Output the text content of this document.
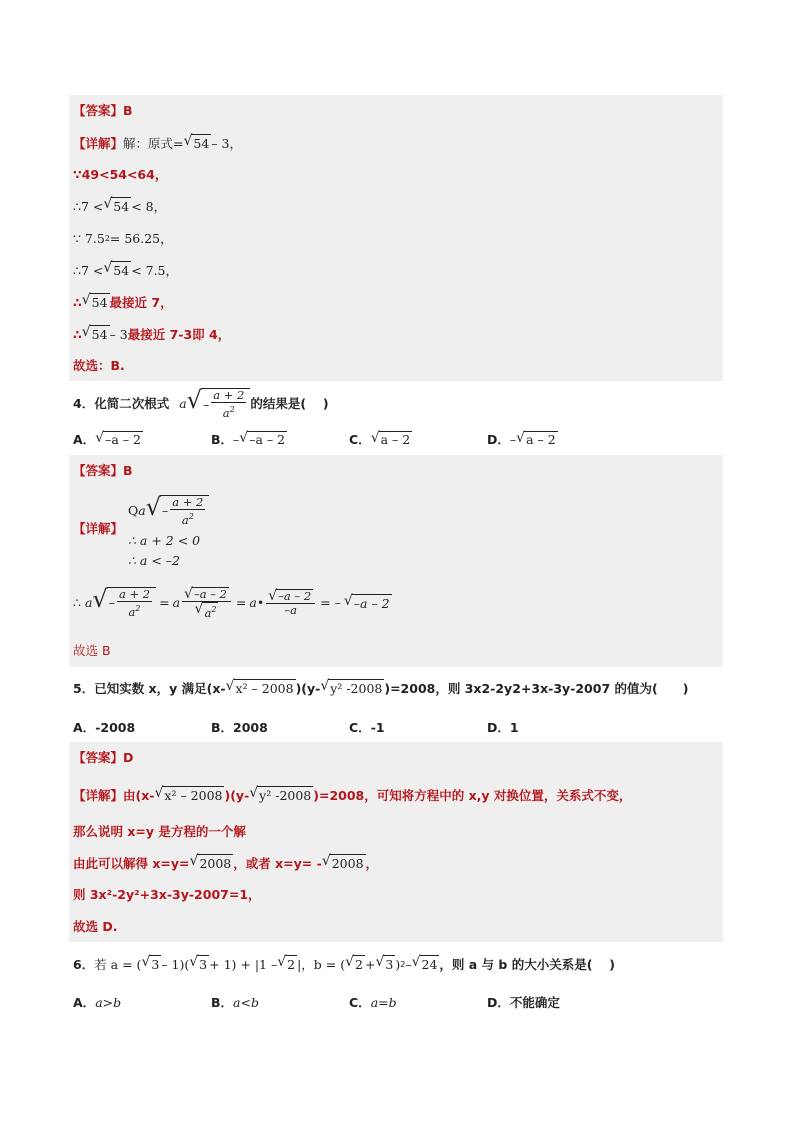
【答案】 B
【详解】 解：原式= √ 54 – 3，
∵49<54<64，
∴7 < √ 54 < 8，
∵ 7.5 2 = 56.25，
∴7 < √ 54 < 7.5，
∴ √ 54 最接近 7，
∴ √ 54 – 3 最接近 7-3即 4，
故选：B.
4． 化简二次根式 a √ – $\frac{a + 2}{a^2}$ 的结果是(　 )
A． √ –a – 2	B． – √ –a – 2	C． √ a – 2	D． – √ a – 2
【答案】 B
【详解】
Q a √ – $\frac{a + 2}{a^2}$
∴ a + 2 < 0
∴ a < –2
∴ a √ – $\frac{a + 2}{a^2} = a \frac{√ -a - 2}{√ a^2}$ = a• $\frac{√ -a - 2}{-a}$ = – √ –a – 2
故选 B
5． 已知实数 x，y 满足(x- √ x² – 2008 )(y- √ y² -2008 )=2008，则 3x2-2y2+3x-3y-2007 的值为(　　)
A． -2008	B． 2008	C． -1	D． 1
【答案】 D
【详解】 由(x- √ x² – 2008 )(y- √ y² -2008 )=2008，可知将方程中的 x,y 对换位置，关系式不变，
那么说明 x=y 是方程的一个解
由此可以解得 x=y= √ 2008 ，或者 x=y= - √ 2008 ，
则 3x²-2y²+3x-3y-2007=1，
故选 D.
6． 若 a = ( √ 3 – 1)( √ 3 + 1) + |1 – √ 2 |，b = ( √ 2 + √ 3 ) 2 – √ 24 ，则 a 与 b 的大小关系是(　 )
A． a>b	B． a<b	C． a=b	D． 不能确定
